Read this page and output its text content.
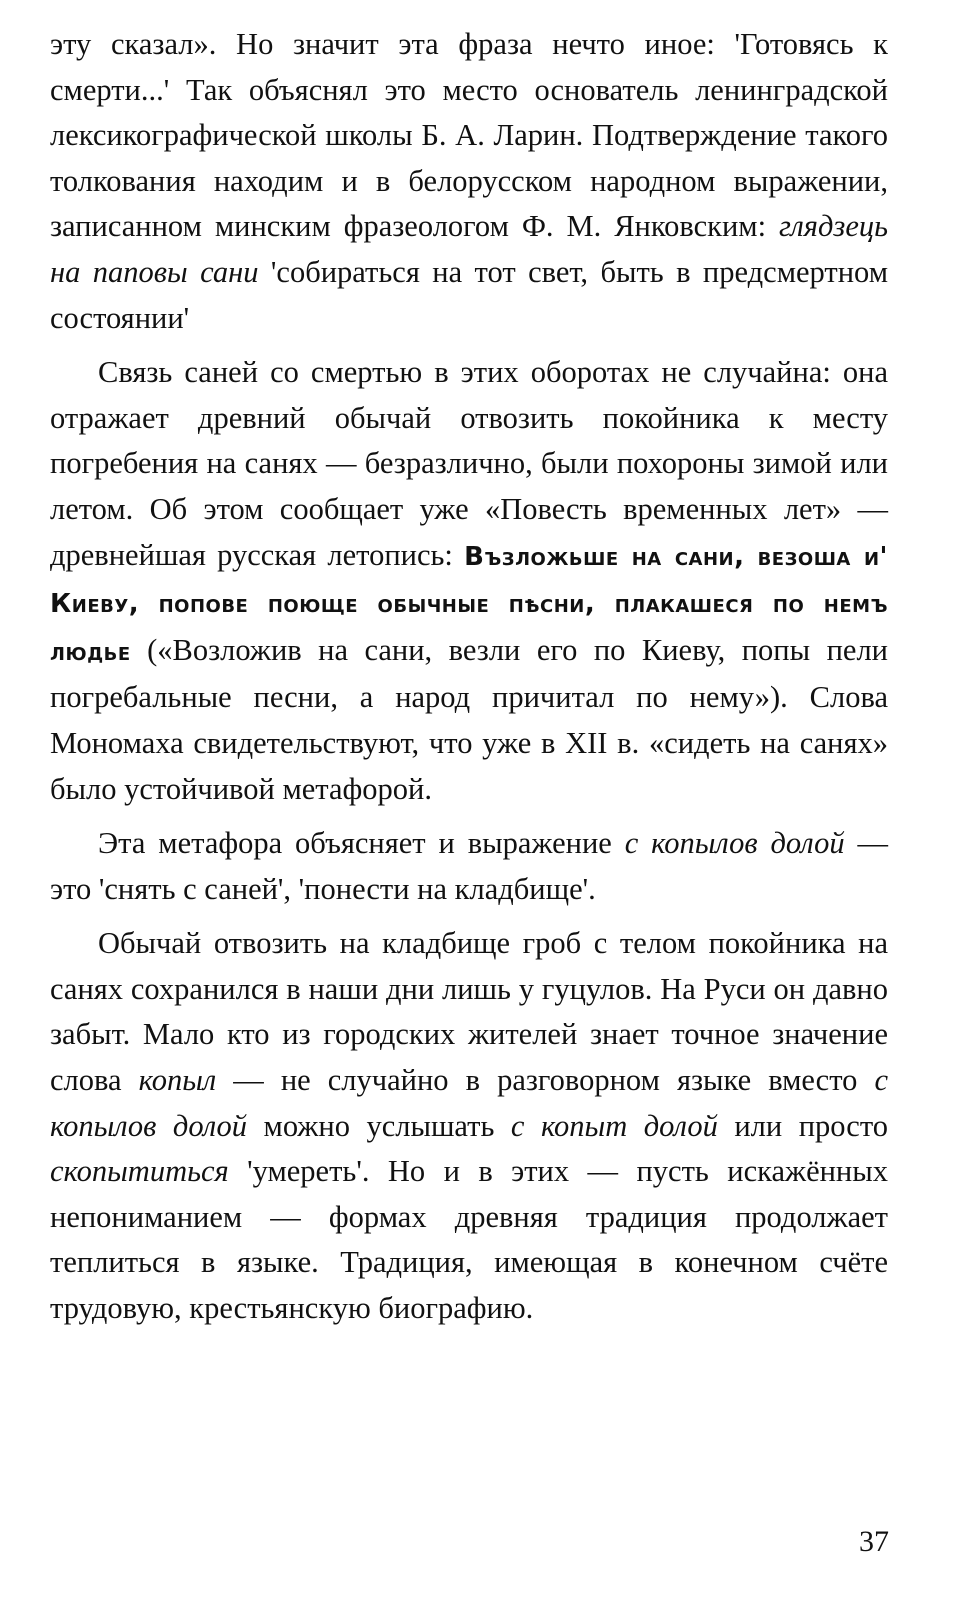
эту сказал». Но значит эта фраза нечто иное: 'Готовясь к смерти...' Так объяснял это место основатель ленинградской лексикографической школы Б. А. Ларин. Подтверждение такого толкования находим и в белорусском народном выражении, записанном минским фразеологом Ф. М. Янковским: глядзець на паповы сани 'собираться на тот свет, быть в предсмертном состоянии'

Связь саней со смертью в этих оборотах не случайна: она отражает древний обычай отвозить покойника к месту погребения на санях — безразлично, были похороны зимой или летом. Об этом сообщает уже «Повесть временных лет» — древнейшая русская летопись: Възложьше на сани, везоша и' Киеву, попове поюще обычные пѣсни, плакашеся по немъ людье («Возложив на сани, везли его по Киеву, попы пели погребальные песни, а народ причитал по нему»). Слова Мономаха свидетельствуют, что уже в XII в. «сидеть на санях» было устойчивой метафорой.

Эта метафора объясняет и выражение с копылов долой — это 'снять с саней', 'понести на кладбище'.

Обычай отвозить на кладбище гроб с телом покойника на санях сохранился в наши дни лишь у гуцулов. На Руси он давно забыт. Мало кто из городских жителей знает точное значение слова копыл — не случайно в разговорном языке вместо с копылов долой можно услышать с копыт долой или просто скопытиться 'умереть'. Но и в этих — пусть искажённых непониманием — формах древняя традиция продолжает теплиться в языке. Традиция, имеющая в конечном счёте трудовую, крестьянскую биографию.

37
